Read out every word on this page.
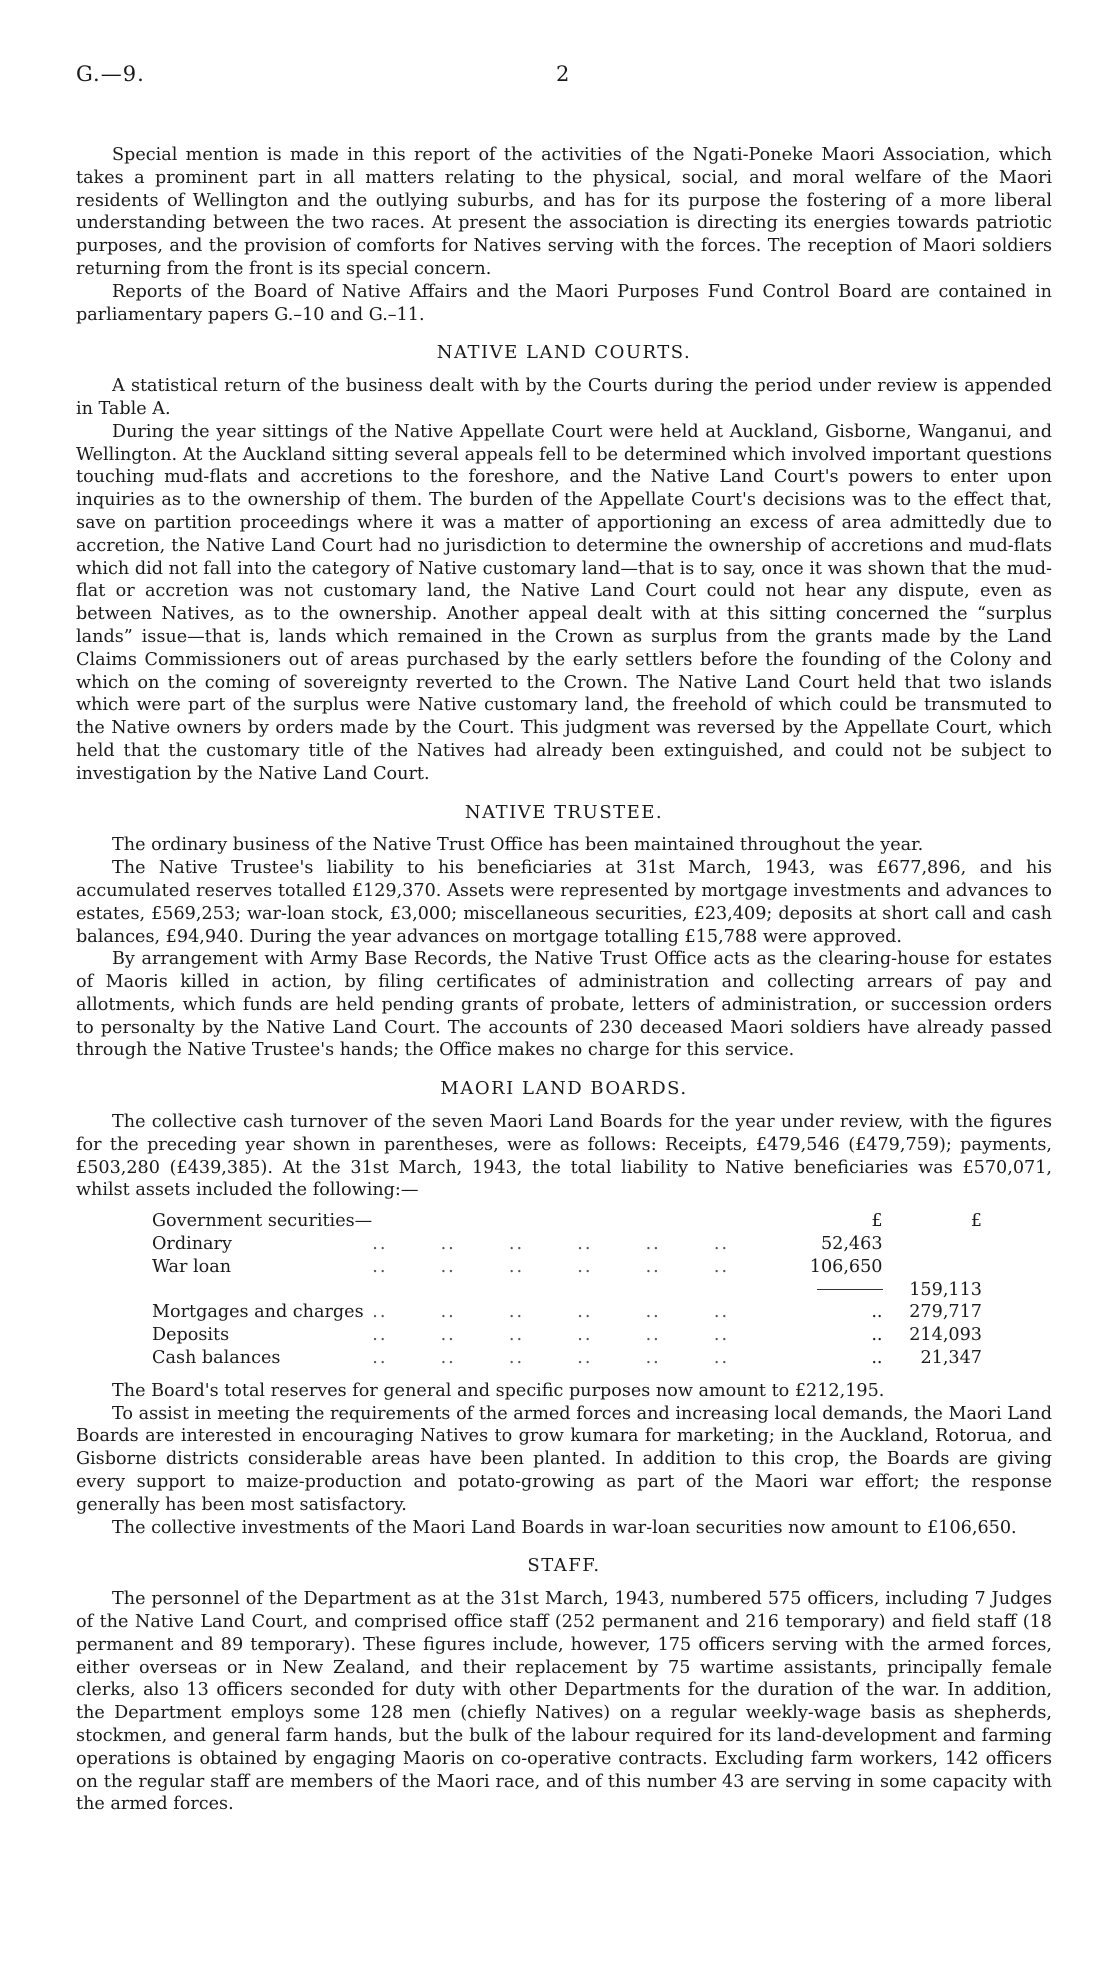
G.—9.	2

Special mention is made in this report of the activities of the Ngati-Poneke Maori Association, which takes a prominent part in all matters relating to the physical, social, and moral welfare of the Maori residents of Wellington and the outlying suburbs, and has for its purpose the fostering of a more liberal understanding between the two races. At present the association is directing its energies towards patriotic purposes, and the provision of comforts for Natives serving with the forces. The reception of Maori soldiers returning from the front is its special concern.

Reports of the Board of Native Affairs and the Maori Purposes Fund Control Board are contained in parliamentary papers G.–10 and G.–11.

NATIVE LAND COURTS.

A statistical return of the business dealt with by the Courts during the period under review is appended in Table A.

During the year sittings of the Native Appellate Court were held at Auckland, Gisborne, Wanganui, and Wellington. At the Auckland sitting several appeals fell to be determined which involved important questions touching mud-flats and accretions to the foreshore, and the Native Land Court's powers to enter upon inquiries as to the ownership of them. The burden of the Appellate Court's decisions was to the effect that, save on partition proceedings where it was a matter of apportioning an excess of area admittedly due to accretion, the Native Land Court had no jurisdiction to determine the ownership of accretions and mud-flats which did not fall into the category of Native customary land—that is to say, once it was shown that the mud-flat or accretion was not customary land, the Native Land Court could not hear any dispute, even as between Natives, as to the ownership. Another appeal dealt with at this sitting concerned the “surplus lands” issue—that is, lands which remained in the Crown as surplus from the grants made by the Land Claims Commissioners out of areas purchased by the early settlers before the founding of the Colony and which on the coming of sovereignty reverted to the Crown. The Native Land Court held that two islands which were part of the surplus were Native customary land, the freehold of which could be transmuted to the Native owners by orders made by the Court. This judgment was reversed by the Appellate Court, which held that the customary title of the Natives had already been extinguished, and could not be subject to investigation by the Native Land Court.

NATIVE TRUSTEE.

The ordinary business of the Native Trust Office has been maintained throughout the year.

The Native Trustee's liability to his beneficiaries at 31st March, 1943, was £677,896, and his accumulated reserves totalled £129,370. Assets were represented by mortgage investments and advances to estates, £569,253; war-loan stock, £3,000; miscellaneous securities, £23,409; deposits at short call and cash balances, £94,940. During the year advances on mortgage totalling £15,788 were approved.

By arrangement with Army Base Records, the Native Trust Office acts as the clearing-house for estates of Maoris killed in action, by filing certificates of administration and collecting arrears of pay and allotments, which funds are held pending grants of probate, letters of administration, or succession orders to personalty by the Native Land Court. The accounts of 230 deceased Maori soldiers have already passed through the Native Trustee's hands; the Office makes no charge for this service.

MAORI LAND BOARDS.

The collective cash turnover of the seven Maori Land Boards for the year under review, with the figures for the preceding year shown in parentheses, were as follows: Receipts, £479,546 (£479,759); payments, £503,280 (£439,385). At the 31st March, 1943, the total liability to Native beneficiaries was £570,071, whilst assets included the following:—

Government securities—		£	£
Ordinary	..       ..       ..       ..       ..       ..	52,463	
War loan	..       ..       ..       ..       ..       ..	106,650	
			159,113
Mortgages and charges	..       ..       ..       ..       ..       ..	..	279,717
Deposits	..       ..       ..       ..       ..       ..	..	214,093
Cash balances	..       ..       ..       ..       ..       ..	..	21,347

The Board's total reserves for general and specific purposes now amount to £212,195.

To assist in meeting the requirements of the armed forces and increasing local demands, the Maori Land Boards are interested in encouraging Natives to grow kumara for marketing; in the Auckland, Rotorua, and Gisborne districts considerable areas have been planted. In addition to this crop, the Boards are giving every support to maize-production and potato-growing as part of the Maori war effort; the response generally has been most satisfactory.

The collective investments of the Maori Land Boards in war-loan securities now amount to £106,650.

STAFF.

The personnel of the Department as at the 31st March, 1943, numbered 575 officers, including 7 Judges of the Native Land Court, and comprised office staff (252 permanent and 216 temporary) and field staff (18 permanent and 89 temporary). These figures include, however, 175 officers serving with the armed forces, either overseas or in New Zealand, and their replacement by 75 wartime assistants, principally female clerks, also 13 officers seconded for duty with other Departments for the duration of the war. In addition, the Department employs some 128 men (chiefly Natives) on a regular weekly-wage basis as shepherds, stockmen, and general farm hands, but the bulk of the labour required for its land-development and farming operations is obtained by engaging Maoris on co-operative contracts. Excluding farm workers, 142 officers on the regular staff are members of the Maori race, and of this number 43 are serving in some capacity with the armed forces.
